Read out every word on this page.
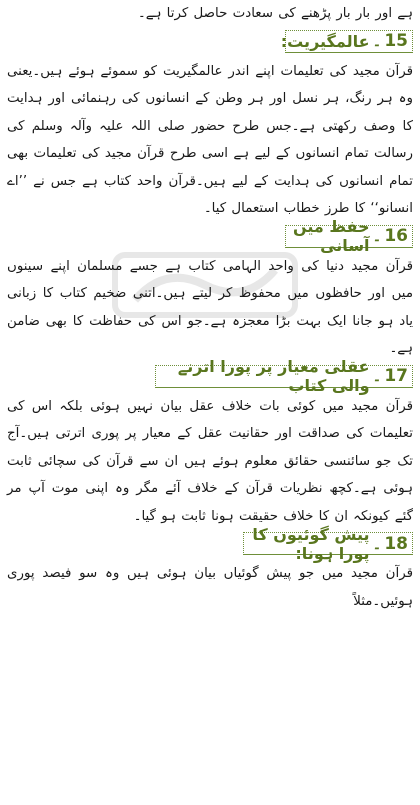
ہے اور بار بار پڑھنے کی سعادت حاصل کرتا ہے۔

15
۔
عالمگیریت:

قرآن مجید کی تعلیمات اپنے اندر عالمگیریت کو سموئے ہوئے ہیں۔یعنی وہ ہر رنگ، ہر نسل اور ہر وطن کے انسانوں کی رہنمائی اور ہدایت کا وصف رکھتی ہے۔جس طرح حضور صلی اللہ علیہ وآلہ وسلم کی رسالت تمام انسانوں کے لیے ہے اسی طرح قرآن مجید کی تعلیمات بھی تمام انسانوں کی ہدایت کے لیے ہیں۔قرآن واحد کتاب ہے جس نے ’’اے انسانو‘‘ کا طرز خطاب استعمال کیا۔

16
۔
حفظ میں آسانی

قرآن مجید دنیا کی واحد الہامی کتاب ہے جسے مسلمان اپنے سینوں میں اور حافظوں میں محفوظ کر لیتے ہیں۔اتنی ضخیم کتاب کا زبانی یاد ہو جانا ایک بہت بڑا معجزہ ہے۔جو اس کی حفاظت کا بھی ضامن ہے۔

17
۔
عقلی معیار پر پورا اترنے والی کتاب

قرآن مجید میں کوئی بات خلاف عقل بیان نہیں ہوئی بلکہ اس کی تعلیمات کی صداقت اور حقانیت عقل کے معیار پر پوری اترتی ہیں۔آج تک جو سائنسی حقائق معلوم ہوئے ہیں ان سے قرآن کی سچائی ثابت ہوئی ہے۔کچھ نظریات قرآن کے خلاف آئے مگر وہ اپنی موت آپ مر گئے کیونکہ ان کا خلاف حقیقت ہونا ثابت ہو گیا۔

18
۔
پیش گوئیوں کا پورا ہونا:

قرآن مجید میں جو پیش گوئیاں بیان ہوئی ہیں وہ سو فیصد پوری ہوئیں۔مثلاً
